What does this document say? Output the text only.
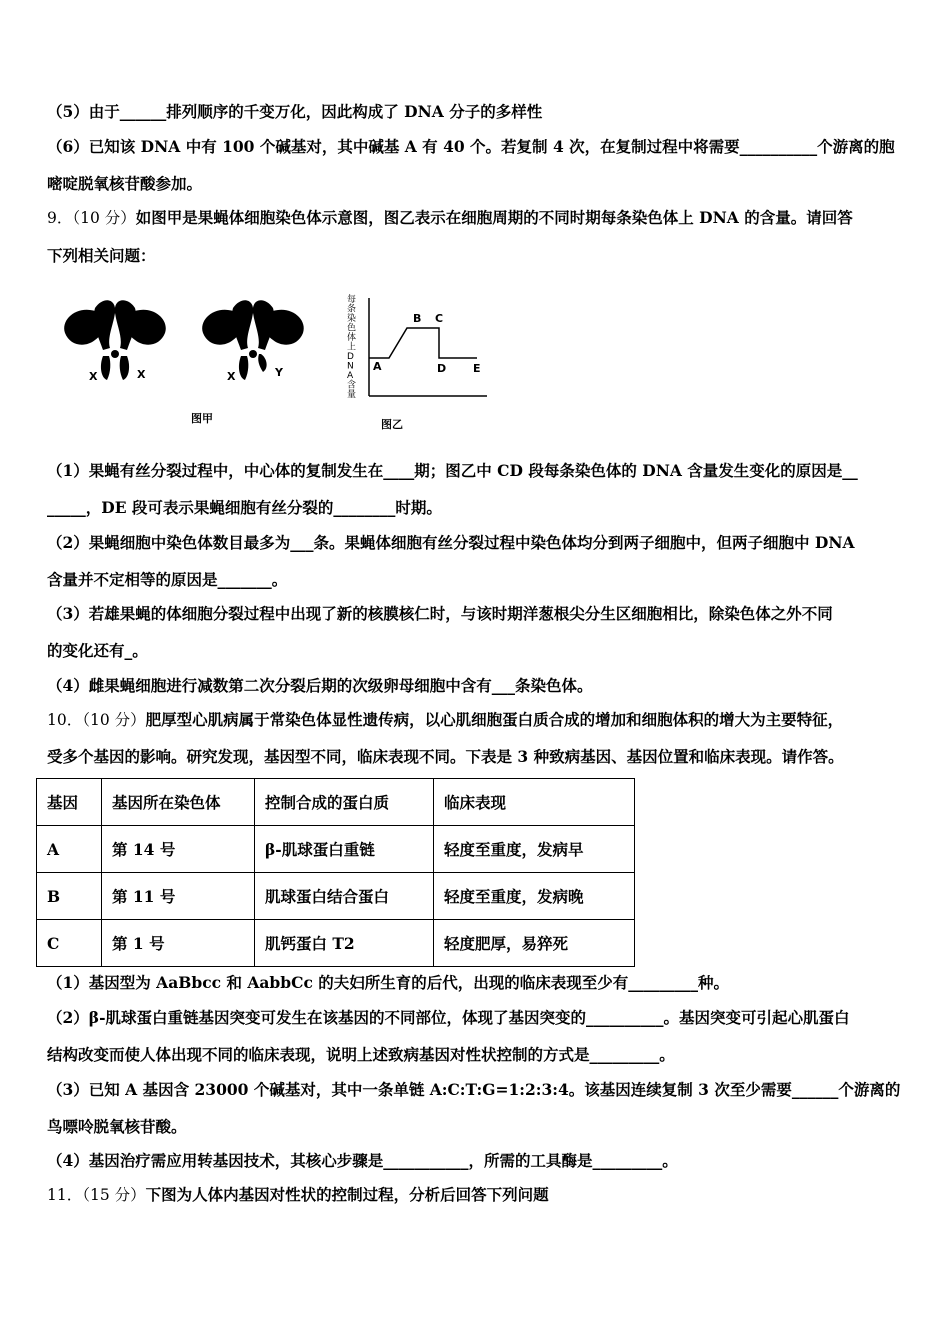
（5）由于______排列顺序的千变万化，因此构成了 DNA 分子的多样性
（6）已知该 DNA 中有 100 个碱基对，其中碱基 A 有 40 个。若复制 4 次，在复制过程中将需要__________个游离的胞
嘧啶脱氧核苷酸参加。
9．（10 分）如图甲是果蝇体细胞染色体示意图，图乙表示在细胞周期的不同时期每条染色体上 DNA 的含量。请回答
下列相关问题：
X	X	X	Y
图甲
每
条
染
色
体
上
D
N
A
含
量
A
B C
D E
图乙
（1）果蝇有丝分裂过程中，中心体的复制发生在____期；图乙中 CD 段每条染色体的 DNA 含量发生变化的原因是__
_____，DE 段可表示果蝇细胞有丝分裂的________时期。
（2）果蝇细胞中染色体数目最多为___条。果蝇体细胞有丝分裂过程中染色体均分到两子细胞中，但两子细胞中 DNA
含量并不定相等的原因是_______。
（3）若雄果蝇的体细胞分裂过程中出现了新的核膜核仁时，与该时期洋葱根尖分生区细胞相比，除染色体之外不同
的变化还有_。
（4）雌果蝇细胞进行减数第二次分裂后期的次级卵母细胞中含有___条染色体。
10．（10 分）肥厚型心肌病属于常染色体显性遗传病，以心肌细胞蛋白质合成的增加和细胞体积的增大为主要特征，
受多个基因的影响。研究发现，基因型不同，临床表现不同。下表是 3 种致病基因、基因位置和临床表现。请作答。
基因	基因所在染色体	控制合成的蛋白质	临床表现
A	第 14 号	β-肌球蛋白重链	轻度至重度，发病早
B	第 11 号	肌球蛋白结合蛋白	轻度至重度，发病晚
C	第 1 号	肌钙蛋白 T2	轻度肥厚，易猝死
（1）基因型为 AaBbcc 和 AabbCc 的夫妇所生育的后代，出现的临床表现至少有_________种。
（2）β-肌球蛋白重链基因突变可发生在该基因的不同部位，体现了基因突变的__________。基因突变可引起心肌蛋白
结构改变而使人体出现不同的临床表现，说明上述致病基因对性状控制的方式是_________。
（3）已知 A 基因含 23000 个碱基对，其中一条单链 A:C:T:G=1:2:3:4。该基因连续复制 3 次至少需要______个游离的
鸟嘌呤脱氧核苷酸。
（4）基因治疗需应用转基因技术，其核心步骤是___________，所需的工具酶是_________。
11．（15 分）下图为人体内基因对性状的控制过程，分析后回答下列问题
